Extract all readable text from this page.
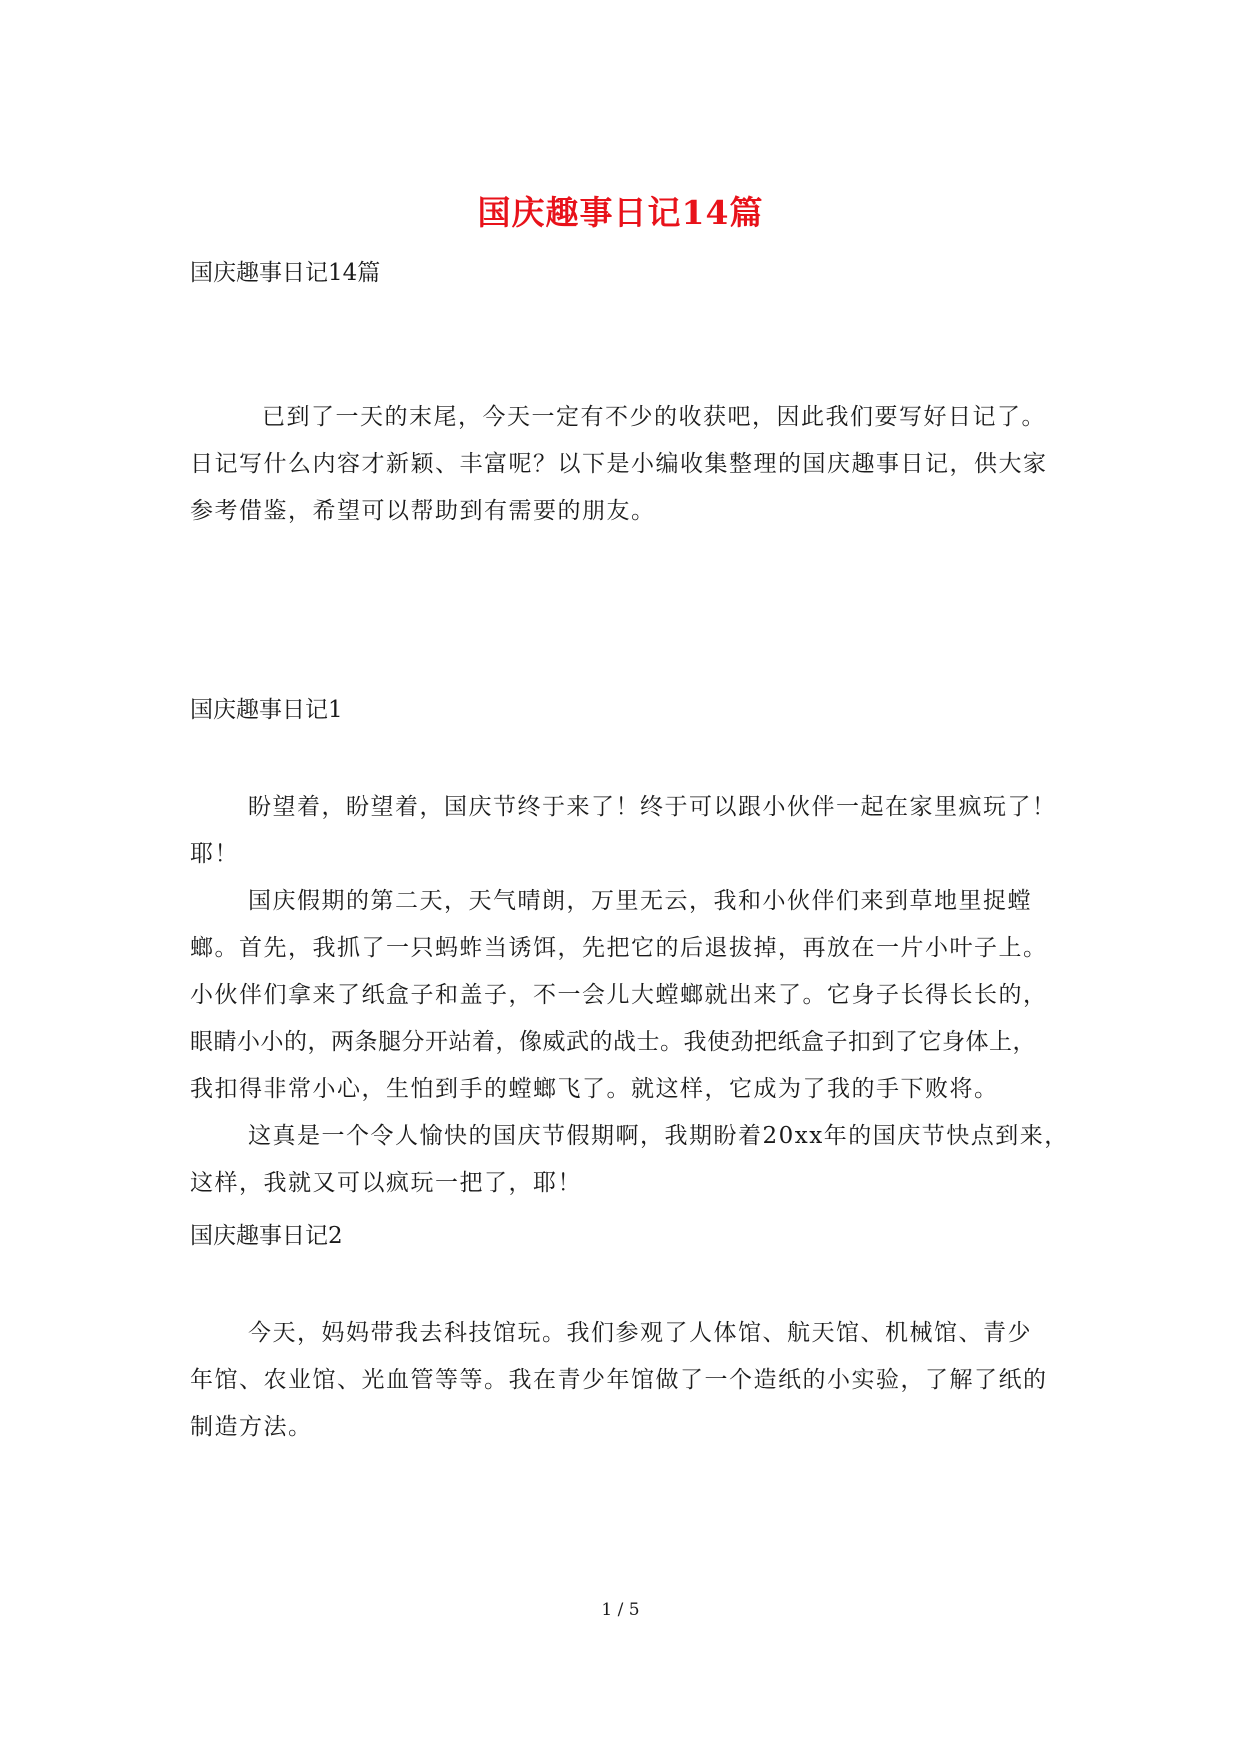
国庆趣事日记14篇

国庆趣事日记14篇

已到了一天的末尾，今天一定有不少的收获吧，因此我们要写好日记了。

日记写什么内容才新颖、丰富呢？以下是小编收集整理的国庆趣事日记，供大家

参考借鉴，希望可以帮助到有需要的朋友。

国庆趣事日记1

盼望着，盼望着，国庆节终于来了！终于可以跟小伙伴一起在家里疯玩了！

耶！

国庆假期的第二天，天气晴朗，万里无云，我和小伙伴们来到草地里捉螳

螂。首先，我抓了一只蚂蚱当诱饵，先把它的后退拔掉，再放在一片小叶子上。

小伙伴们拿来了纸盒子和盖子，不一会儿大螳螂就出来了。它身子长得长长的，

眼睛小小的，两条腿分开站着，像威武的战士。我使劲把纸盒子扣到了它身体上，

我扣得非常小心，生怕到手的螳螂飞了。就这样，它成为了我的手下败将。

这真是一个令人愉快的国庆节假期啊，我期盼着20xx年的国庆节快点到来，

这样，我就又可以疯玩一把了，耶！

国庆趣事日记2

今天，妈妈带我去科技馆玩。我们参观了人体馆、航天馆、机械馆、青少

年馆、农业馆、光血管等等。我在青少年馆做了一个造纸的小实验，了解了纸的

制造方法。

1 / 5
